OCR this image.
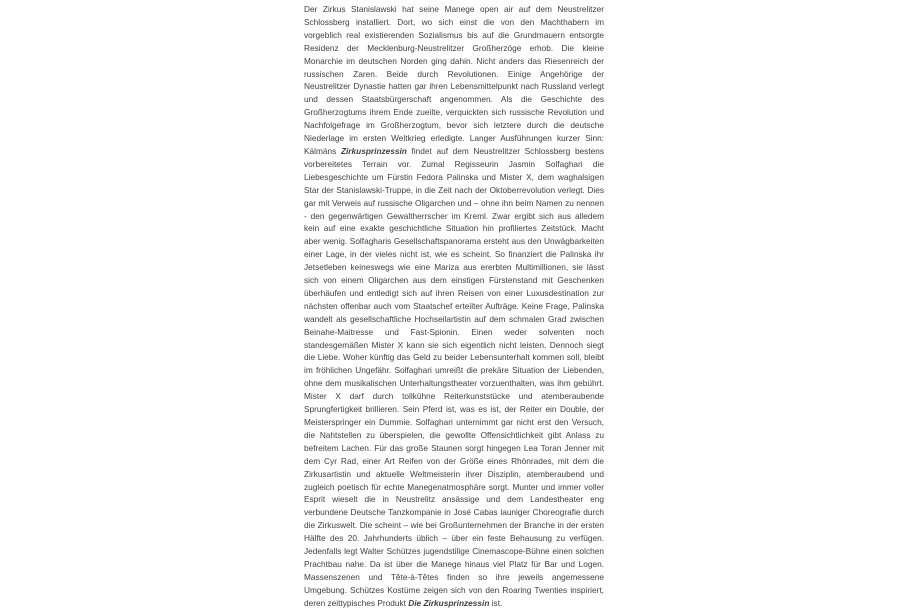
Der Zirkus Stanislawski hat seine Manege open air auf dem Neustrelitzer
Schlossberg installiert. Dort, wo sich einst die von den Machthabern im
vorgeblich real existierenden Sozialismus bis auf die Grundmauern entsorgte
Residenz der Mecklenburg-Neustrelitzer Großherzöge erhob. Die kleine
Monarchie im deutschen Norden ging dahin. Nicht anders das Riesenreich der
russischen Zaren. Beide durch Revolutionen. Einige Angehörige der
Neustrelitzer Dynastie hatten gar ihren Lebensmittelpunkt nach Russland verlegt
und dessen Staatsbürgerschaft angenommen. Als die Geschichte des
Großherzogtums ihrem Ende zueilte, verquickten sich russische Revolution und
Nachfolgefrage im Großherzogtum, bevor sich letztere durch die deutsche
Niederlage im ersten Weltkrieg erledigte. Langer Ausführungen kurzer Sinn:
Kálmáns Zirkusprinzessin findet auf dem Neustrelitzer Schlossberg bestens
vorbereitetes Terrain vor. Zumal Regisseurin Jasmin Solfaghari die
Liebesgeschichte um Fürstin Fedora Palinska und Mister X, dem waghalsigen
Star der Stanislawski-Truppe, in die Zeit nach der Oktoberrevolution verlegt. Dies
gar mit Verweis auf russische Oligarchen und – ohne ihn beim Namen zu nennen
- den gegenwärtigen Gewaltherrscher im Kreml. Zwar ergibt sich aus alledem
kein auf eine exakte geschichtliche Situation hin profiliertes Zeitstück. Macht
aber wenig. Solfagharis Gesellschaftspanorama ersteht aus den Unwägbarkeiten
einer Lage, in der vieles nicht ist, wie es scheint. So finanziert die Palinska ihr
Jetsetleben keineswegs wie eine Mariza aus ererbten Multimillionen, sie lässt
sich von einem Oligarchen aus dem einstigen Fürstenstand mit Geschenken
überhäufen und entledigt sich auf ihren Reisen von einer Luxusdestination zur
nächsten offenbar auch vom Staatschef erteilter Aufträge. Keine Frage, Palinska
wandelt als gesellschaftliche Hochseilartistin auf dem schmalen Grad zwischen
Beinahe-Maitresse und Fast-Spionin. Einen weder solventen noch
standesgemäßen Mister X kann sie sich eigentlich nicht leisten. Dennoch siegt
die Liebe. Woher künftig das Geld zu beider Lebensunterhalt kommen soll, bleibt
im fröhlichen Ungefähr. Solfaghari umreißt die prekäre Situation der Liebenden,
ohne dem musikalischen Unterhaltungstheater vorzuenthalten, was ihm gebührt.
Mister X darf durch tollkühne Reiterkunststücke und atemberaubende
Sprungfertigkeit brillieren. Sein Pferd ist, was es ist, der Reiter ein Double, der
Meisterspringer ein Dummie. Solfaghari unternimmt gar nicht erst den Versuch,
die Nahtstellen zu überspielen, die gewollte Offensichtlichkeit gibt Anlass zu
befreitem Lachen. Für das große Staunen sorgt hingegen Lea Toran Jenner mit
dem Cyr Rad, einer Art Reifen von der Größe eines Rhönrades, mit dem die
Zirkusartistin und aktuelle Weltmeisterin ihrer Disziplin, atemberaubend und
zugleich poetisch für echte Manegenatmosphäre sorgt. Munter und immer voller
Esprit wieselt die in Neustrelitz ansässige und dem Landestheater eng
verbundene Deutsche Tanzkompanie in José Cabas launiger Choreografie durch
die Zirkuswelt. Die scheint – wie bei Großunternehmen der Branche in der ersten
Hälfte des 20. Jahrhunderts üblich – über ein feste Behausung zu verfügen.
Jedenfalls legt Walter Schützes jugendstilige Cinemascope-Bühne einen solchen
Prachtbau nahe. Da ist über die Manege hinaus viel Platz für Bar und Logen.
Massenszenen und Tête-à-Têtes finden so ihre jeweils angemessene
Umgebung. Schützes Kostüme zeigen sich von den Roaring Twenties inspiriert,
deren zeittypisches Produkt Die Zirkusprinzessin ist.
